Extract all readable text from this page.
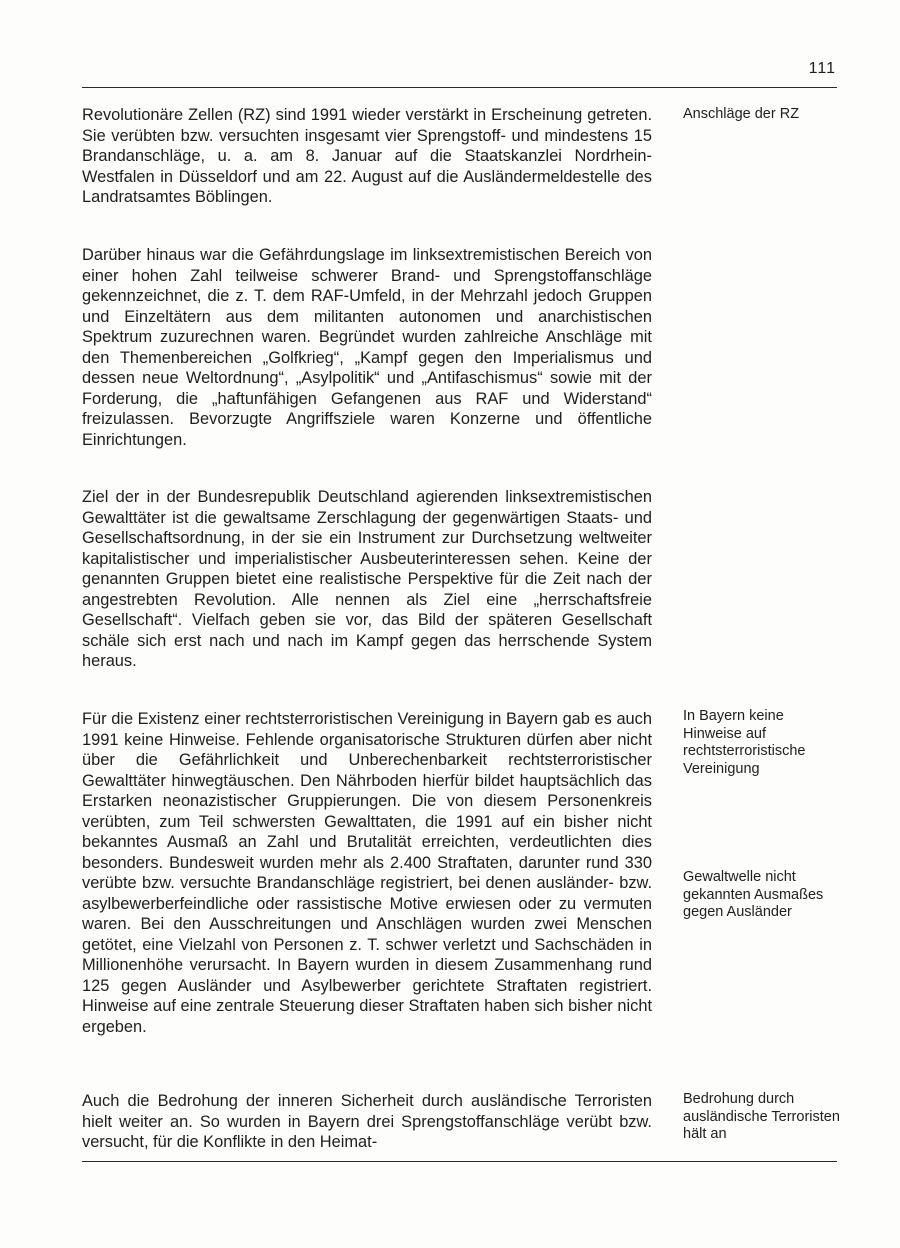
111

Revolutionäre Zellen (RZ) sind 1991 wieder verstärkt in Erscheinung getreten. Sie verübten bzw. versuchten insgesamt vier Sprengstoff- und mindestens 15 Brandanschläge, u. a. am 8. Januar auf die Staatskanzlei Nordrhein-Westfalen in Düsseldorf und am 22. August auf die Ausländermeldestelle des Landratsamtes Böblingen.

Darüber hinaus war die Gefährdungslage im linksextremistischen Bereich von einer hohen Zahl teilweise schwerer Brand- und Sprengstoffanschläge gekennzeichnet, die z. T. dem RAF-Umfeld, in der Mehrzahl jedoch Gruppen und Einzeltätern aus dem militanten autonomen und anarchistischen Spektrum zuzurechnen waren. Begründet wurden zahlreiche Anschläge mit den Themenbereichen „Golfkrieg“, „Kampf gegen den Imperialismus und dessen neue Weltordnung“, „Asylpolitik“ und „Antifaschismus“ sowie mit der Forderung, die „haftunfähigen Gefangenen aus RAF und Widerstand“ freizulassen. Bevorzugte Angriffsziele waren Konzerne und öffentliche Einrichtungen.

Ziel der in der Bundesrepublik Deutschland agierenden linksextremistischen Gewalttäter ist die gewaltsame Zerschlagung der gegenwärtigen Staats- und Gesellschaftsordnung, in der sie ein Instrument zur Durchsetzung weltweiter kapitalistischer und imperialistischer Ausbeuterinteressen sehen. Keine der genannten Gruppen bietet eine realistische Perspektive für die Zeit nach der angestrebten Revolution. Alle nennen als Ziel eine „herrschaftsfreie Gesellschaft“. Vielfach geben sie vor, das Bild der späteren Gesellschaft schäle sich erst nach und nach im Kampf gegen das herrschende System heraus.

Für die Existenz einer rechtsterroristischen Vereinigung in Bayern gab es auch 1991 keine Hinweise. Fehlende organisatorische Strukturen dürfen aber nicht über die Gefährlichkeit und Unberechenbarkeit rechtsterroristischer Gewalttäter hinwegtäuschen. Den Nährboden hierfür bildet hauptsächlich das Erstarken neonazistischer Gruppierungen. Die von diesem Personenkreis verübten, zum Teil schwersten Gewalttaten, die 1991 auf ein bisher nicht bekanntes Ausmaß an Zahl und Brutalität erreichten, verdeutlichten dies besonders. Bundesweit wurden mehr als 2.400 Straftaten, darunter rund 330 verübte bzw. versuchte Brandanschläge registriert, bei denen ausländer- bzw. asylbewerberfeindliche oder rassistische Motive erwiesen oder zu vermuten waren. Bei den Ausschreitungen und Anschlägen wurden zwei Menschen getötet, eine Vielzahl von Personen z. T. schwer verletzt und Sachschäden in Millionenhöhe verursacht. In Bayern wurden in diesem Zusammenhang rund 125 gegen Ausländer und Asylbewerber gerichtete Straftaten registriert. Hinweise auf eine zentrale Steuerung dieser Straftaten haben sich bisher nicht ergeben.

Auch die Bedrohung der inneren Sicherheit durch ausländische Terroristen hielt weiter an. So wurden in Bayern drei Sprengstoffanschläge verübt bzw. versucht, für die Konflikte in den Heimat-

Anschläge der RZ

In Bayern keine Hinweise auf rechtsterroristische Vereinigung

Gewaltwelle nicht gekannten Ausmaßes gegen Ausländer

Bedrohung durch ausländische Terroristen hält an
